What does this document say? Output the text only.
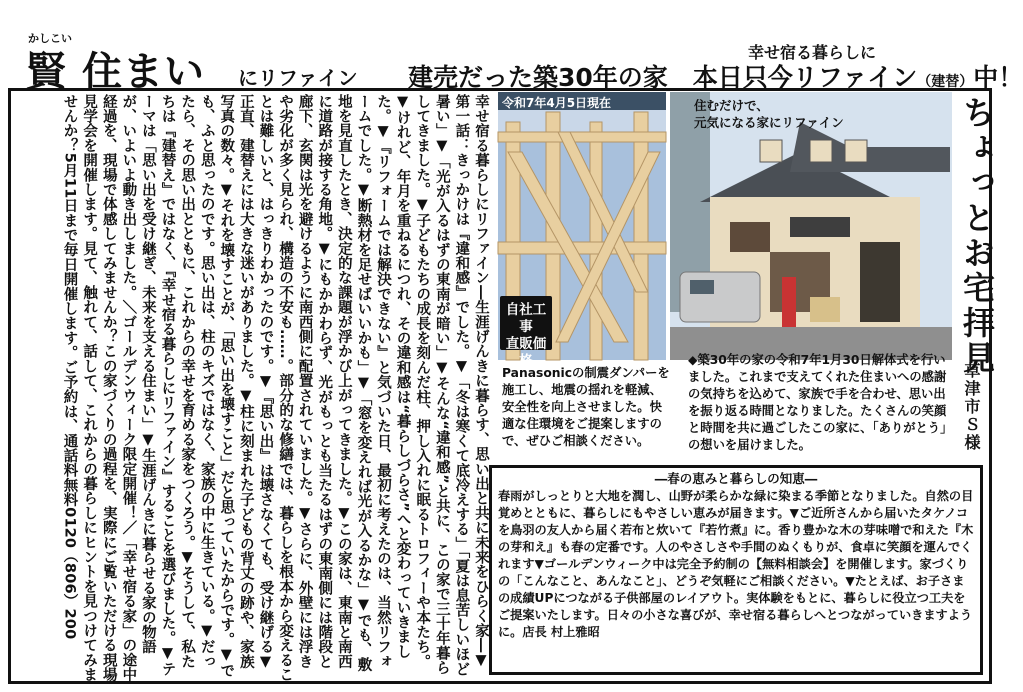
かしこい
賢 住まい にリファイン
幸せ宿る暮らしに
建売だった築30年の家　本日只今リファイン（建替）中！
幸せ宿る暮らしにリファイン―生涯げんきに暮らす、思い出と共に未来をひらく家―▼第一話：きっかけは『違和感』でした。▼「冬は寒くて底冷えする」「夏は息苦しいほど暑い」▼「光が入るはずの東南が暗い」▼そんな“違和感”と共に、この家で三十年暮らしてきました。▼子どもたちの成長を刻んだ柱、押し入れに眠るトロフィーや本たち。▼けれど、年月を重ねるにつれ、その違和感は“暮らしづらさ”へと変わっていきました。▼『リフォームでは解決できない』と気づいた日、最初に考えたのは、当然リフォームでした。▼断熱材を足せばいいかも」▼「窓を変えれば光が入るかな」▼でも、敷地を見直したとき、決定的な課題が浮かび上がってきました。▼この家は、東南と南西に道路が接する角地。▼にもかかわらず、光がもっとも当たるはずの東南側には階段と廊下、玄関は光を避けるように南西側に配置されていました。▼さらに、外壁には浮きや劣化が多く見られ、構造の不安も……。部分的な修繕では、暮らしを根本から変えることは難しいと、はっきりわかったのです。▼『思い出』は壊さなくても、受け継げる▼正直、建替えには大きな迷いがありました。▼柱に刻まれた子どもの背丈の跡や、家族写真の数々。▼それを壊すことが、「思い出を壊すこと」だと思っていたからです。▼でも、ふと思ったのです。思い出は、柱のキズではなく、家族の中に生きている。▼だったら、その思い出とともに、これからの幸せを育める家をつくろう。▼そうして、私たちは『建替え』ではなく、『幸せ宿る暮らしにリファイン』することを選びました。▼テーマは「思い出を受け継ぎ、未来を支える住まい」▼生涯げんきに暮らせる家の物語が、いよいよ動き出しました。＼ゴールデンウィーク限定開催！／「幸せ宿る家」の途中経過を、現場で体感してみませんか？この家づくりの過程を、実際にご覧いただける現場見学会を開催します。見て、触れて、話して、これからの暮らしにヒントを見つけてみませんか？5月11日まで毎日開催します。ご予約は、通話料無料0120（806）200	令和7年4月5日現在
自社工事
直販価格
住むだけで、
元気になる家にリファイン	ちょっとお宅拝見
草津市Ｓ様
Panasonicの制震ダンパーを施工し、地震の揺れを軽減、安全性を向上させました。快適な住環境をご提案しますので、ぜひご相談ください。
◆築30年の家の令和7年1月30日解体式を行いました。これまで支えてくれた住まいへの感謝の気持ちを込めて、家族で手を合わせ、思い出を振り返る時間となりました。たくさんの笑顔と時間を共に過ごしたこの家に、「ありがとう」の想いを届けました。
―春の恵みと暮らしの知恵―
春雨がしっとりと大地を潤し、山野が柔らかな緑に染まる季節となりました。自然の目覚めとともに、暮らしにもやさしい恵みが届きます。▼ご近所さんから届いたタケノコを鳥羽の友人から届く若布と炊いて『若竹煮』に。香り豊かな木の芽味噌で和えた『木の芽和え』も春の定番です。人のやさしさや手間のぬくもりが、食卓に笑顔を運んでくれます▼ゴールデンウィーク中は完全予約制の【無料相談会】を開催します。家づくりの「こんなこと、あんなこと」、どうぞ気軽にご相談ください。▼たとえば、お子さまの成績UPにつながる子供部屋のレイアウト。実体験をもとに、暮らしに役立つ工夫をご提案いたします。日々の小さな喜びが、幸せ宿る暮らしへとつながっていきますように。店長 村上雅昭
